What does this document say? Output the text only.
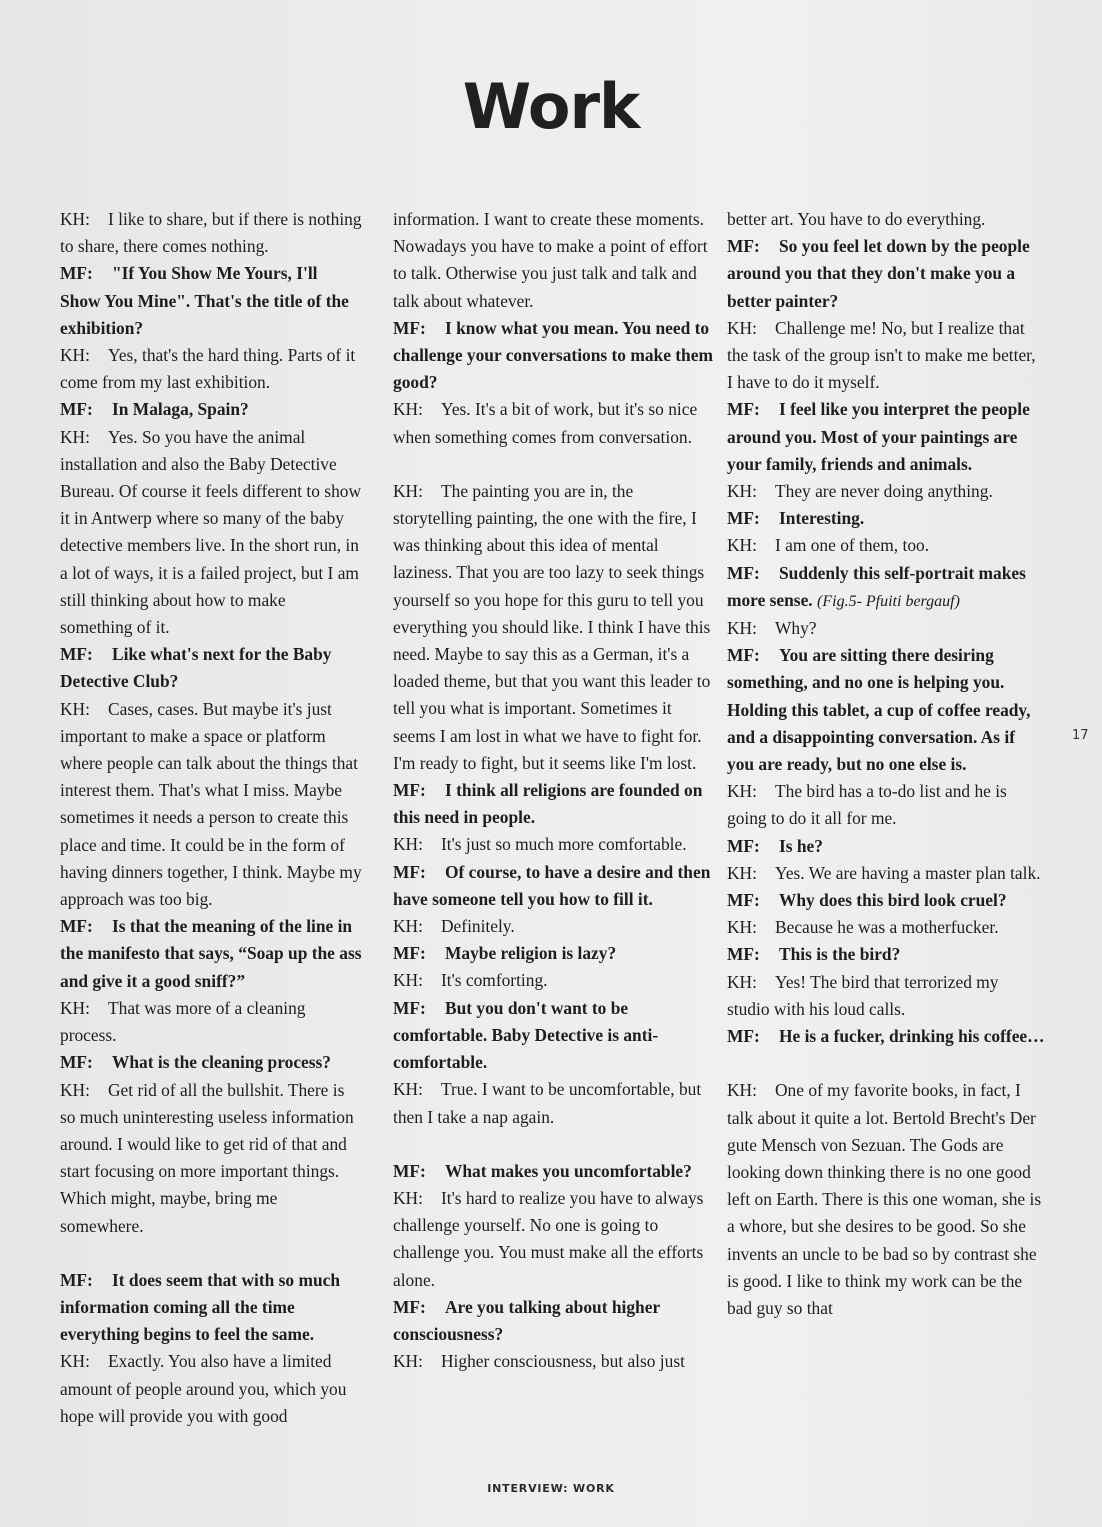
Work

KH: I like to share, but if there is nothing to share, there comes nothing.

MF: "If You Show Me Yours, I'll Show You Mine". That's the title of the exhibition?

KH: Yes, that's the hard thing. Parts of it come from my last exhibition.

MF: In Malaga, Spain?

KH: Yes. So you have the animal installation and also the Baby Detective Bureau. Of course it feels different to show it in Antwerp where so many of the baby detective members live. In the short run, in a lot of ways, it is a failed project, but I am still thinking about how to make something of it.

MF: Like what's next for the Baby Detective Club?

KH: Cases, cases. But maybe it's just important to make a space or platform where people can talk about the things that interest them. That's what I miss. Maybe sometimes it needs a person to create this place and time. It could be in the form of having dinners together, I think. Maybe my approach was too big.

MF: Is that the meaning of the line in the manifesto that says, “Soap up the ass and give it a good sniff?”

KH: That was more of a cleaning process.

MF: What is the cleaning process?

KH: Get rid of all the bullshit. There is so much uninteresting useless information around. I would like to get rid of that and start focusing on more important things. Which might, maybe, bring me somewhere.

MF: It does seem that with so much information coming all the time everything begins to feel the same.

KH: Exactly. You also have a limited amount of people around you, which you hope will provide you with good

information. I want to create these moments. Nowadays you have to make a point of effort to talk. Otherwise you just talk and talk and talk about whatever.

MF: I know what you mean. You need to challenge your conversations to make them good?

KH: Yes. It's a bit of work, but it's so nice when something comes from conversation.

KH: The painting you are in, the storytelling painting, the one with the fire, I was thinking about this idea of mental laziness. That you are too lazy to seek things yourself so you hope for this guru to tell you everything you should like. I think I have this need. Maybe to say this as a German, it's a loaded theme, but that you want this leader to tell you what is important. Sometimes it seems I am lost in what we have to fight for. I'm ready to fight, but it seems like I'm lost.

MF: I think all religions are founded on this need in people.

KH: It's just so much more comfortable.

MF: Of course, to have a desire and then have someone tell you how to fill it.

KH: Definitely.

MF: Maybe religion is lazy?

KH: It's comforting.

MF: But you don't want to be comfortable. Baby Detective is anti-comfortable.

KH: True. I want to be uncomfortable, but then I take a nap again.

MF: What makes you uncomfortable?

KH: It's hard to realize you have to always challenge yourself. No one is going to challenge you. You must make all the efforts alone.

MF: Are you talking about higher consciousness?

KH: Higher consciousness, but also just

better art. You have to do everything.

MF: So you feel let down by the people around you that they don't make you a better painter?

KH: Challenge me! No, but I realize that the task of the group isn't to make me better, I have to do it myself.

MF: I feel like you interpret the people around you. Most of your paintings are your family, friends and animals.

KH: They are never doing anything.

MF: Interesting.

KH: I am one of them, too.

MF: Suddenly this self-portrait makes more sense. (Fig.5- Pfuiti bergauf)

KH: Why?

MF: You are sitting there desiring something, and no one is helping you. Holding this tablet, a cup of coffee ready, and a disappointing conversation. As if you are ready, but no one else is.

KH: The bird has a to-do list and he is going to do it all for me.

MF: Is he?

KH: Yes. We are having a master plan talk.

MF: Why does this bird look cruel?

KH: Because he was a motherfucker.

MF: This is the bird?

KH: Yes! The bird that terrorized my studio with his loud calls.

MF: He is a fucker, drinking his coffee…

KH: One of my favorite books, in fact, I talk about it quite a lot. Bertold Brecht's Der gute Mensch von Sezuan. The Gods are looking down thinking there is no one good left on Earth. There is this one woman, she is a whore, but she desires to be good. So she invents an uncle to be bad so by contrast she is good. I like to think my work can be the bad guy so that

17
INTERVIEW: WORK
